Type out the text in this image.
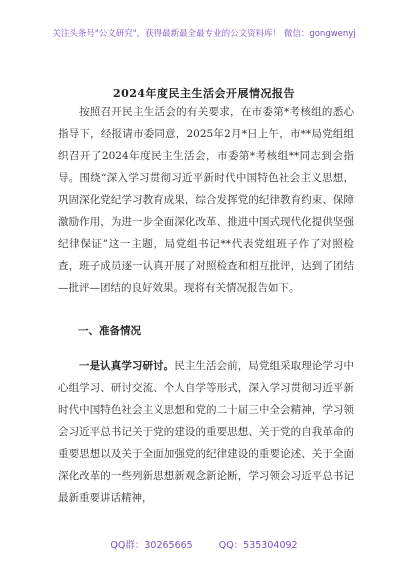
关注头条号"公文研究"，获得最新最全最专业的公文资料库！ 微信：gongwenyj
2024年度民主生活会开展情况报告
按照召开民主生活会的有关要求，在市委第*考核组的悉心指导下，经报请市委同意，2025年2月*日上午，市**局党组组织召开了2024年度民主生活会，市委第*考核组**同志到会指导。围绕“深入学习贯彻习近平新时代中国特色社会主义思想，巩固深化党纪学习教育成果，综合发挥党的纪律教育约束、保障激励作用，为进一步全面深化改革、推进中国式现代化提供坚强纪律保证”这一主题，局党组书记**代表党组班子作了对照检查，班子成员逐一认真开展了对照检查和相互批评，达到了团结—批评—团结的良好效果。现将有关情况报告如下。
一、准备情况
一是认真学习研讨。民主生活会前，局党组采取理论学习中心组学习、研讨交流、个人自学等形式，深入学习贯彻习近平新时代中国特色社会主义思想和党的二十届三中全会精神，学习领会习近平总书记关于党的建设的重要思想、关于党的自我革命的重要思想以及关于全面加强党的纪律建设的重要论述、关于全面深化改革的一些列新思想新观念新论断，学习领会习近平总书记最新重要讲话精神，
QQ群：30265665	QQ：535304092
